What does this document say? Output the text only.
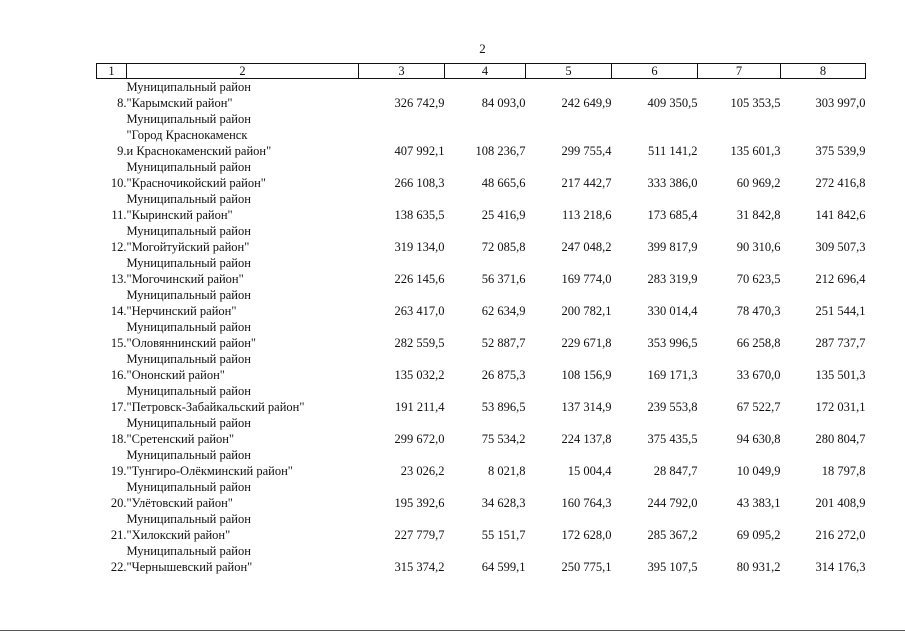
2
1	2	3	4	5	6	7	8
8.	Муниципальный район
"Карымский район"	326 742,9	84 093,0	242 649,9	409 350,5	105 353,5	303 997,0
9.	Муниципальный район
"Город Краснокаменск
и Краснокаменский район"	407 992,1	108 236,7	299 755,4	511 141,2	135 601,3	375 539,9
10.	Муниципальный район
"Красночикойский район"	266 108,3	48 665,6	217 442,7	333 386,0	60 969,2	272 416,8
11.	Муниципальный район
"Кыринский район"	138 635,5	25 416,9	113 218,6	173 685,4	31 842,8	141 842,6
12.	Муниципальный район
"Могойтуйский район"	319 134,0	72 085,8	247 048,2	399 817,9	90 310,6	309 507,3
13.	Муниципальный район
"Могочинский район"	226 145,6	56 371,6	169 774,0	283 319,9	70 623,5	212 696,4
14.	Муниципальный район
"Нерчинский район"	263 417,0	62 634,9	200 782,1	330 014,4	78 470,3	251 544,1
15.	Муниципальный район
"Оловяннинский район"	282 559,5	52 887,7	229 671,8	353 996,5	66 258,8	287 737,7
16.	Муниципальный район
"Ононский район"	135 032,2	26 875,3	108 156,9	169 171,3	33 670,0	135 501,3
17.	Муниципальный район
"Петровск-Забайкальский район"	191 211,4	53 896,5	137 314,9	239 553,8	67 522,7	172 031,1
18.	Муниципальный район
"Сретенский район"	299 672,0	75 534,2	224 137,8	375 435,5	94 630,8	280 804,7
19.	Муниципальный район
"Тунгиро-Олёкминский район"	23 026,2	8 021,8	15 004,4	28 847,7	10 049,9	18 797,8
20.	Муниципальный район
"Улётовский район"	195 392,6	34 628,3	160 764,3	244 792,0	43 383,1	201 408,9
21.	Муниципальный район
"Хилокский район"	227 779,7	55 151,7	172 628,0	285 367,2	69 095,2	216 272,0
22.	Муниципальный район
"Чернышевский район"	315 374,2	64 599,1	250 775,1	395 107,5	80 931,2	314 176,3
